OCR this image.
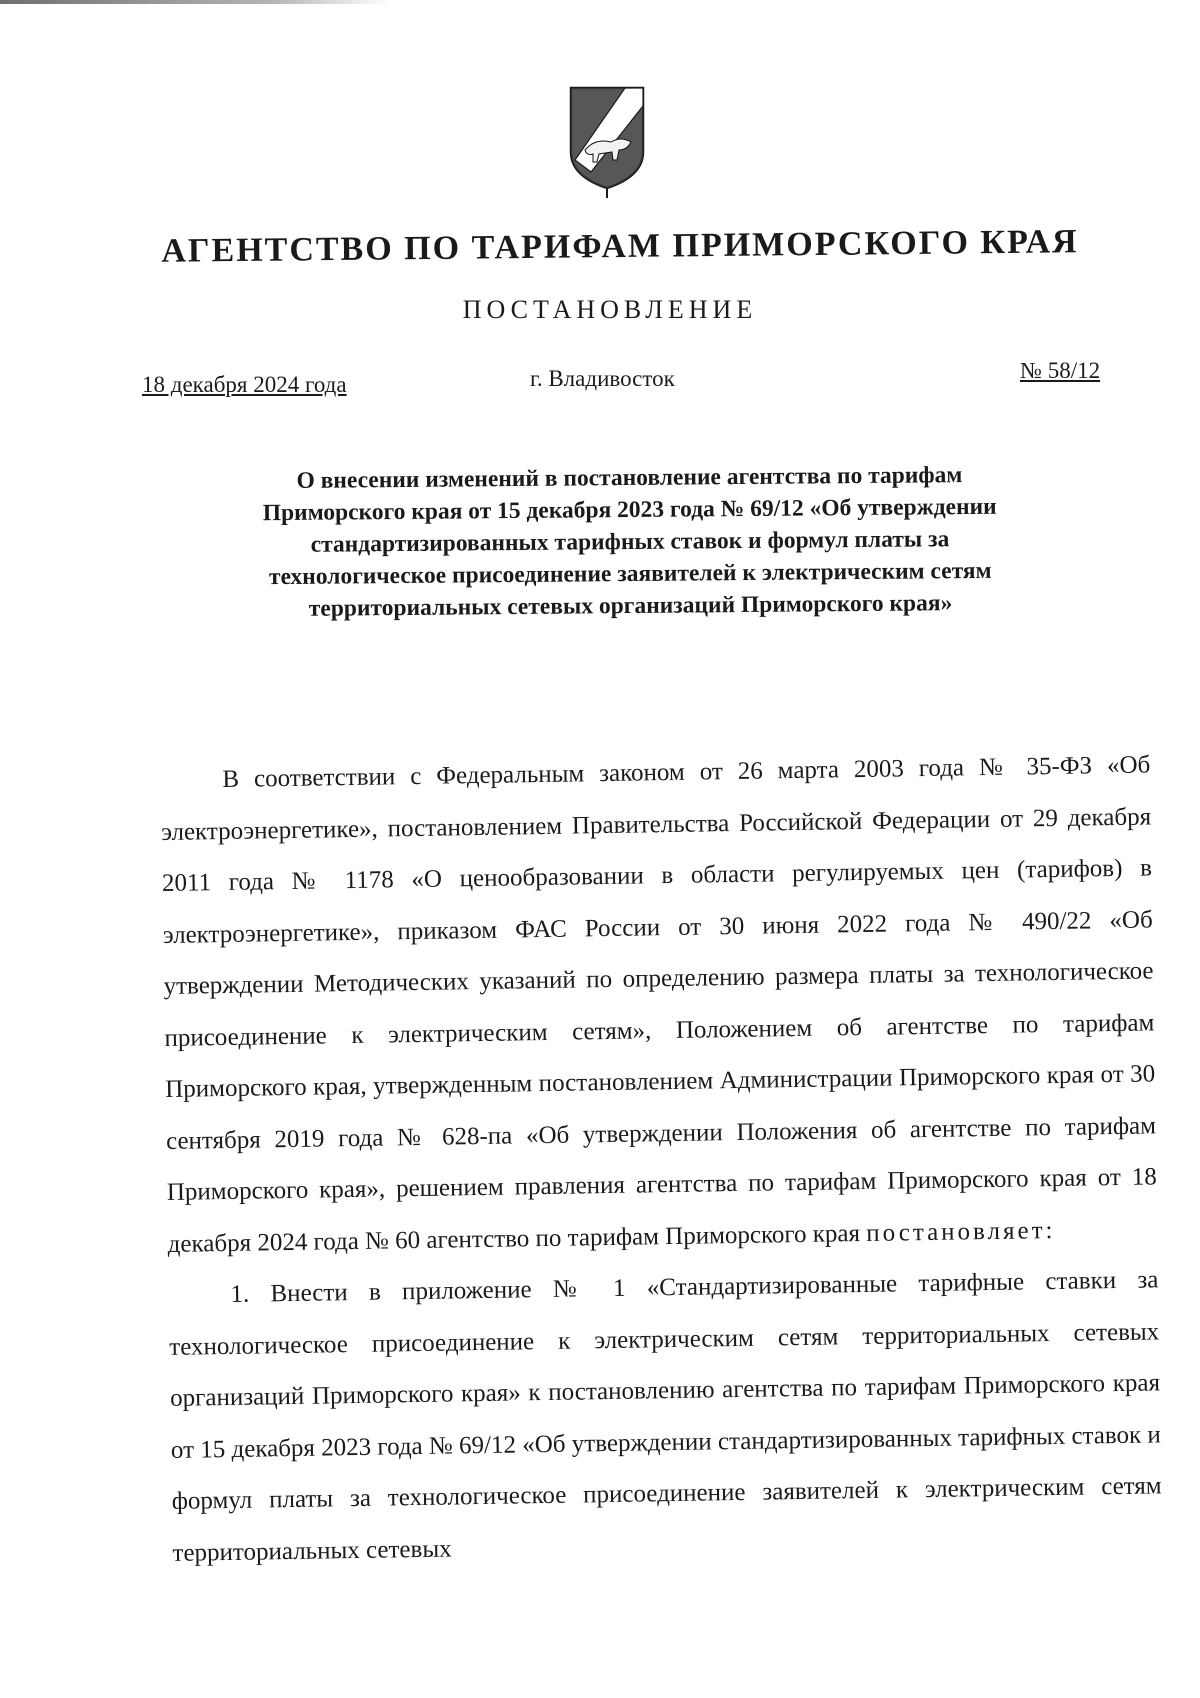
АГЕНТСТВО ПО ТАРИФАМ ПРИМОРСКОГО КРАЯ
ПОСТАНОВЛЕНИЕ
18 декабря 2024 года	г. Владивосток	№ 58/12
О внесении изменений в постановление агентства по тарифам Приморского края от 15 декабря 2023 года № 69/12 «Об утверждении стандартизированных тарифных ставок и формул платы за технологическое присоединение заявителей к электрическим сетям территориальных сетевых организаций Приморского края»

В соответствии с Федеральным законом от 26 марта 2003 года № 35-ФЗ «Об электроэнергетике», постановлением Правительства Российской Федерации от 29 декабря 2011 года № 1178 «О ценообразовании в области регулируемых цен (тарифов) в электроэнергетике», приказом ФАС России от 30 июня 2022 года № 490/22 «Об утверждении Методических указаний по определению размера платы за технологическое присоединение к электрическим сетям», Положением об агентстве по тарифам Приморского края, утвержденным постановлением Администрации Приморского края от 30 сентября 2019 года № 628-па «Об утверждении Положения об агентстве по тарифам Приморского края», решением правления агентства по тарифам Приморского края от 18 декабря 2024 года № 60 агентство по тарифам Приморского края постановляет:

1. Внести в приложение № 1 «Стандартизированные тарифные ставки за технологическое присоединение к электрическим сетям территориальных сетевых организаций Приморского края» к постановлению агентства по тарифам Приморского края от 15 декабря 2023 года № 69/12 «Об утверждении стандартизированных тарифных ставок и формул платы за технологическое присоединение заявителей к электрическим сетям территориальных сетевых
